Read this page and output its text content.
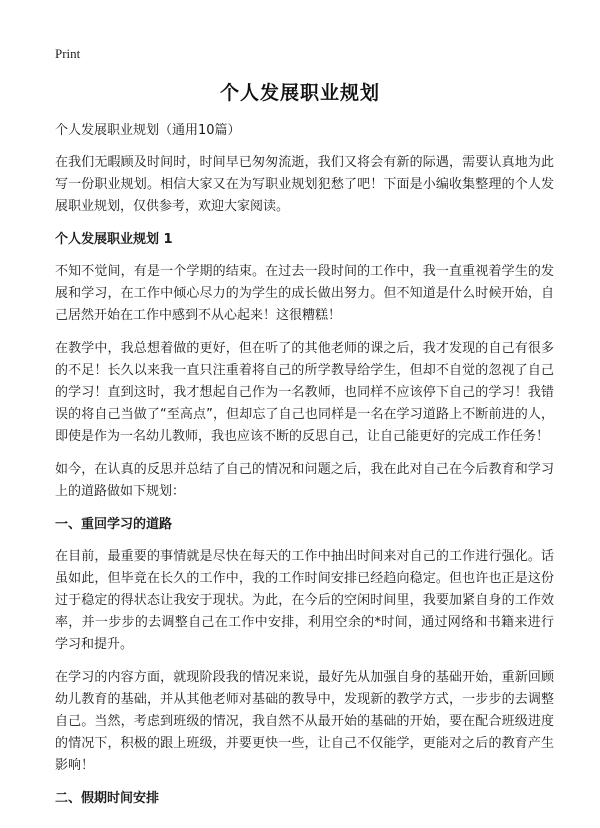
Print
个人发展职业规划

个人发展职业规划（通用10篇）

在我们无暇顾及时间时，时间早已匆匆流逝，我们又将会有新的际遇，需要认真地为此写一份职业规划。相信大家又在为写职业规划犯愁了吧！下面是小编收集整理的个人发展职业规划，仅供参考，欢迎大家阅读。

个人发展职业规划 1

不知不觉间，有是一个学期的结束。在过去一段时间的工作中，我一直重视着学生的发展和学习，在工作中倾心尽力的为学生的成长做出努力。但不知道是什么时候开始，自己居然开始在工作中感到不从心起来！这很糟糕！

在教学中，我总想着做的更好，但在听了的其他老师的课之后，我才发现的自己有很多的不足！长久以来我一直只注重着将自己的所学教导给学生，但却不自觉的忽视了自己的学习！直到这时，我才想起自己作为一名教师，也同样不应该停下自己的学习！我错误的将自己当做了“至高点”，但却忘了自己也同样是一名在学习道路上不断前进的人，即使是作为一名幼儿教师，我也应该不断的反思自己，让自己能更好的完成工作任务！

如今，在认真的反思并总结了自己的情况和问题之后，我在此对自己在今后教育和学习上的道路做如下规划：

一、重回学习的道路

在目前，最重要的事情就是尽快在每天的工作中抽出时间来对自己的工作进行强化。话虽如此，但毕竟在长久的工作中，我的工作时间安排已经趋向稳定。但也许也正是这份过于稳定的得状态让我安于现状。为此，在今后的空闲时间里，我要加紧自身的工作效率，并一步步的去调整自己在工作中安排，利用空余的*时间，通过网络和书籍来进行学习和提升。

在学习的内容方面，就现阶段我的情况来说，最好先从加强自身的基础开始，重新回顾幼儿教育的基础，并从其他老师对基础的教导中，发现新的教学方式，一步步的去调整自己。当然，考虑到班级的情况，我自然不从最开始的基础的开始，要在配合班级进度的情况下，积极的跟上班级，并要更快一些，让自己不仅能学，更能对之后的教育产生影响！

二、假期时间安排
